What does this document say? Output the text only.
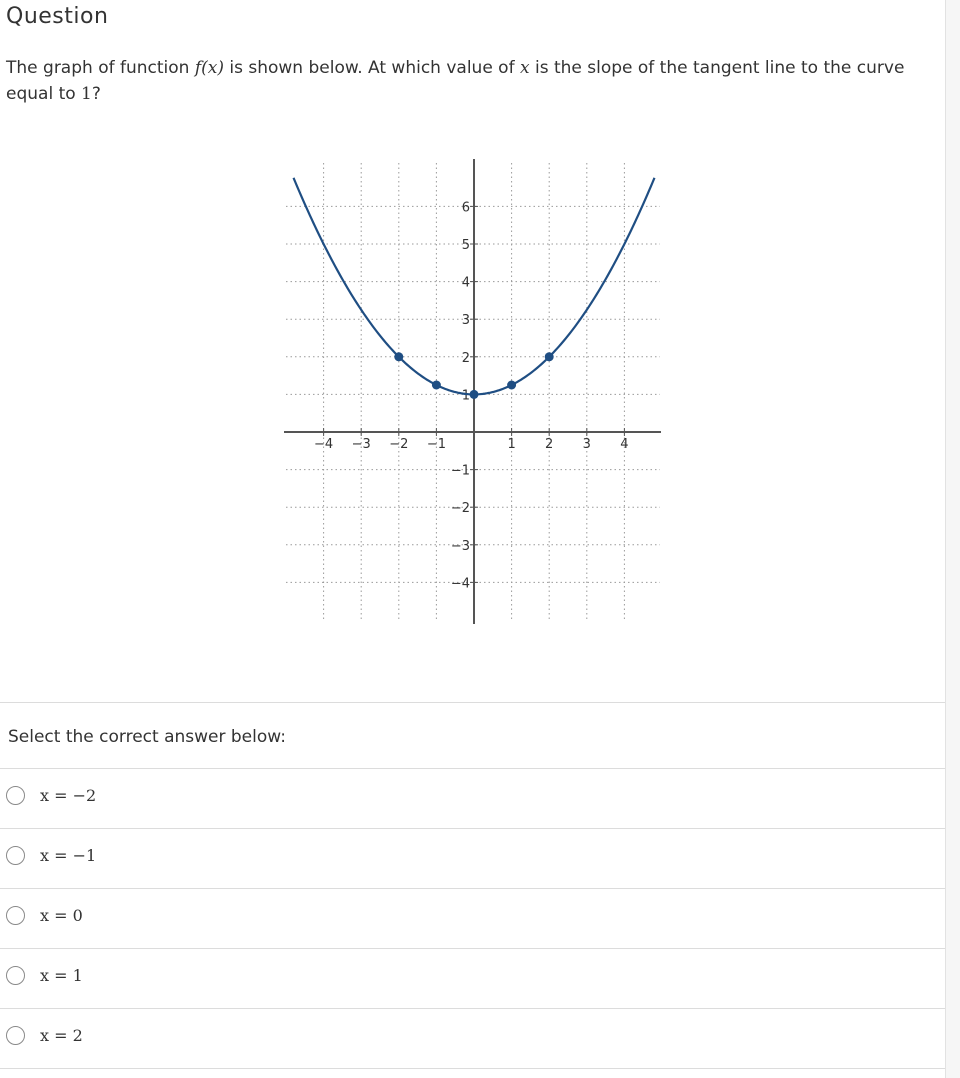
Question
The graph of function f(x) is shown below. At which value of x is the slope of the tangent line to the curve equal to 1?
−4 −3 −2 −1	1 2 3 4
−4
−3
−2
−1
1
2
3
4
5
6
Select the correct answer below:
x = −2
x = −1
x = 0
x = 1
x = 2
